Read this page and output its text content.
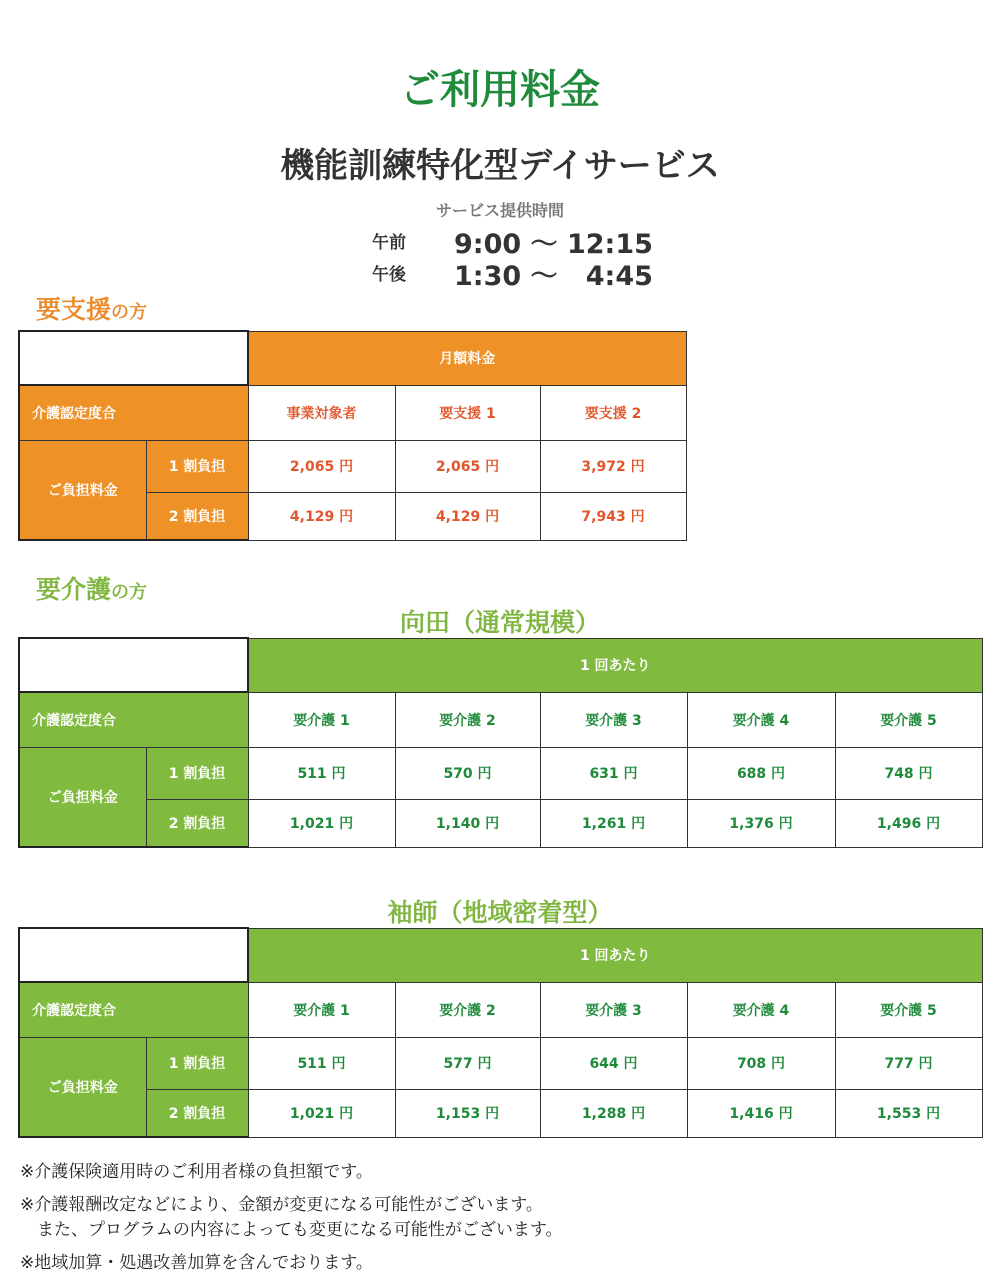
ご利用料金
機能訓練特化型デイサービス
サービス提供時間
午前	9:00 〜 12:15
午後	1:30 〜   4:45
要支援の方
		月額料金		
介護認定度合		事業対象者	要支援 1	要支援 2
ご負担料金	1 割負担	2,065 円	2,065 円	3,972 円
	2 割負担	4,129 円	4,129 円	7,943 円
要介護の方
向田（通常規模）
		1 回あたり				
介護認定度合		要介護 1	要介護 2	要介護 3	要介護 4	要介護 5
ご負担料金	1 割負担	511 円	570 円	631 円	688 円	748 円
	2 割負担	1,021 円	1,140 円	1,261 円	1,376 円	1,496 円
袖師（地域密着型）
		1 回あたり				
介護認定度合		要介護 1	要介護 2	要介護 3	要介護 4	要介護 5
ご負担料金	1 割負担	511 円	577 円	644 円	708 円	777 円
	2 割負担	1,021 円	1,153 円	1,288 円	1,416 円	1,553 円
※介護保険適用時のご利用者様の負担額です。
※介護報酬改定などにより、金額が変更になる可能性がございます。
　また、プログラムの内容によっても変更になる可能性がございます。
※地域加算・処遇改善加算を含んでおります。
